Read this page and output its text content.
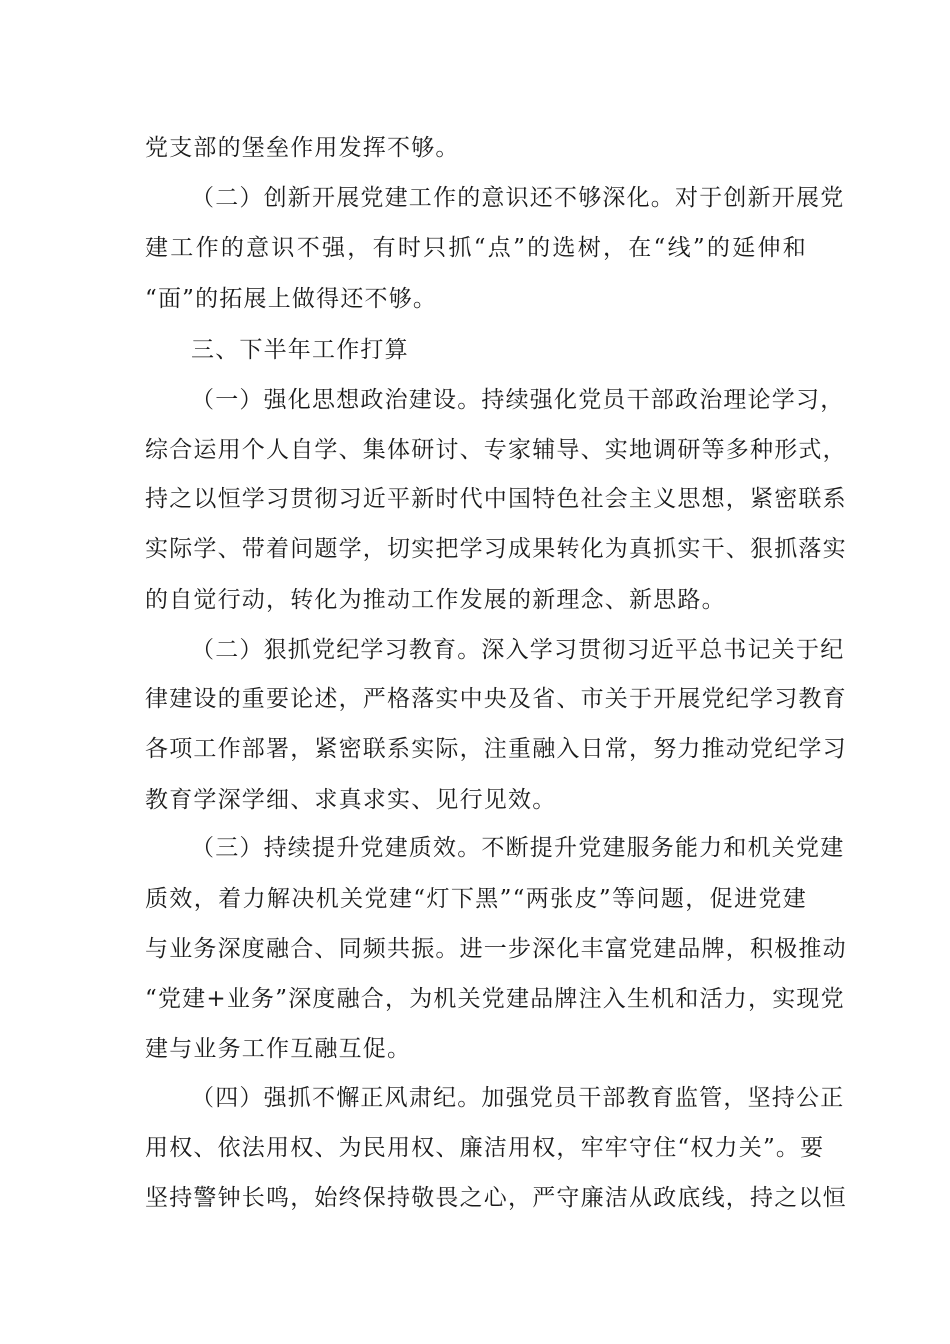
党支部的堡垒作用发挥不够。
（二）创新开展党建工作的意识还不够深化。对于创新开展党
建工作的意识不强，有时只抓“点”的选树，在“线”的延伸和
“面”的拓展上做得还不够。
三、下半年工作打算
（一）强化思想政治建设。持续强化党员干部政治理论学习，
综合运用个人自学、集体研讨、专家辅导、实地调研等多种形式，
持之以恒学习贯彻习近平新时代中国特色社会主义思想，紧密联系
实际学、带着问题学，切实把学习成果转化为真抓实干、狠抓落实
的自觉行动，转化为推动工作发展的新理念、新思路。
（二）狠抓党纪学习教育。深入学习贯彻习近平总书记关于纪
律建设的重要论述，严格落实中央及省、市关于开展党纪学习教育
各项工作部署，紧密联系实际，注重融入日常，努力推动党纪学习
教育学深学细、求真求实、见行见效。
（三）持续提升党建质效。不断提升党建服务能力和机关党建
质效，着力解决机关党建“灯下黑”“两张皮”等问题，促进党建
与业务深度融合、同频共振。进一步深化丰富党建品牌，积极推动
“党建+业务”深度融合，为机关党建品牌注入生机和活力，实现党
建与业务工作互融互促。
（四）强抓不懈正风肃纪。加强党员干部教育监管，坚持公正
用权、依法用权、为民用权、廉洁用权，牢牢守住“权力关”。要
坚持警钟长鸣，始终保持敬畏之心，严守廉洁从政底线，持之以恒
